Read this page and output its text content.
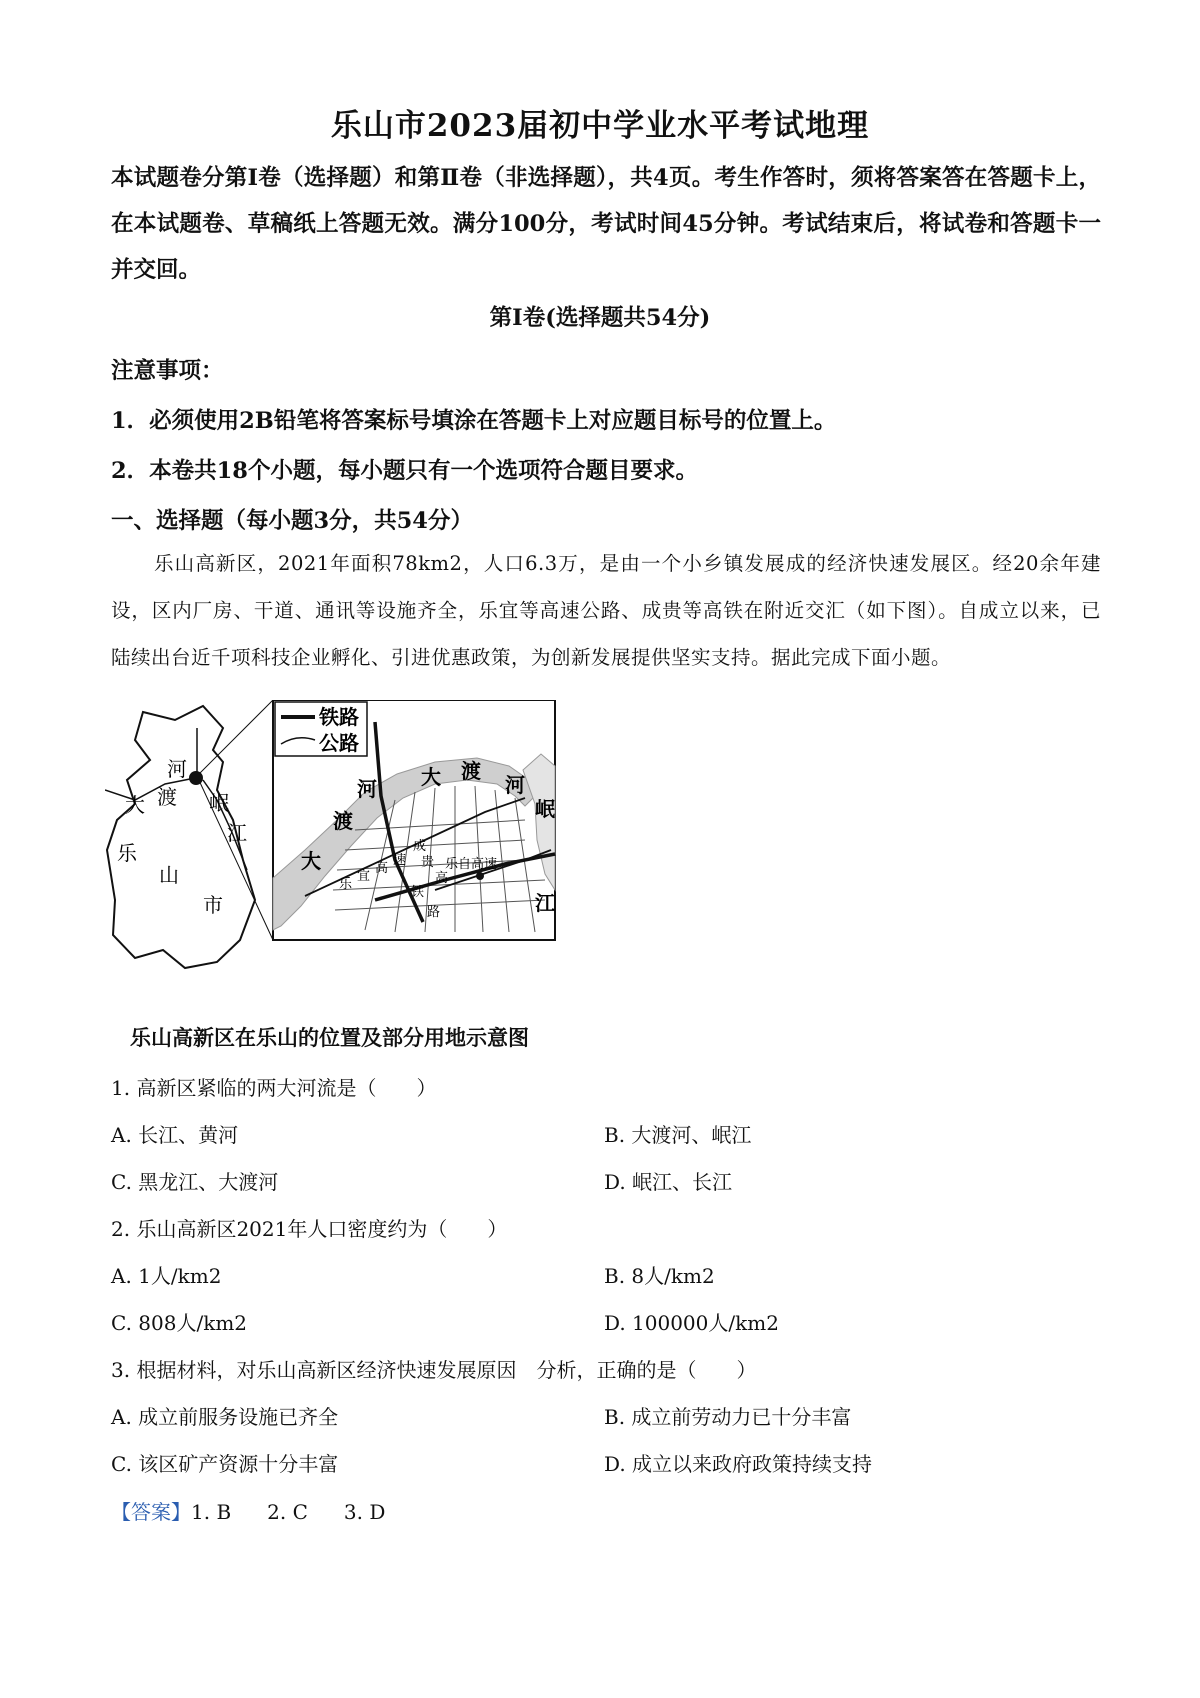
乐山市2023届初中学业水平考试地理
本试题卷分第Ⅰ卷（选择题）和第Ⅱ卷（非选择题），共4页。考生作答时，须将答案答在答题卡上，在本试题卷、草稿纸上答题无效。满分100分，考试时间45分钟。考试结束后，将试卷和答题卡一并交回。
第Ⅰ卷(选择题共54分)
注意事项：
1．必须使用2B铅笔将答案标号填涂在答题卡上对应题目标号的位置上。
2．本卷共18个小题，每小题只有一个选项符合题目要求。
一、选择题（每小题3分，共54分）
乐山高新区，2021年面积78km2，人口6.3万，是由一个小乡镇发展成的经济快速发展区。经20余年建设，区内厂房、干道、通讯等设施齐全，乐宜等高速公路、成贵等高铁在附近交汇（如下图）。自成立以来，已陆续出台近千项科技企业孵化、引进优惠政策，为创新发展提供坚实支持。据此完成下面小题。
河
岷
大 渡
江
乐
山
市
铁路
公路
大 渡
河
河
渡
大
岷
江
乐
宜
高
速
成
贵
高
铁
乐自高速
路
乐山高新区在乐山的位置及部分用地示意图
1. 高新区紧临的两大河流是（　　）
A. 长江、黄河	B. 大渡河、岷江
C. 黑龙江、大渡河	D. 岷江、长江
2. 乐山高新区2021年人口密度约为（　　）
A. 1人/km2	B. 8人/km2
C. 808人/km2	D. 100000人/km2
3. 根据材料，对乐山高新区经济快速发展原因　分析，正确的是（　　）
A. 成立前服务设施已齐全	B. 成立前劳动力已十分丰富
C. 该区矿产资源十分丰富	D. 成立以来政府政策持续支持
【答案】1. B 2. C 3. D
